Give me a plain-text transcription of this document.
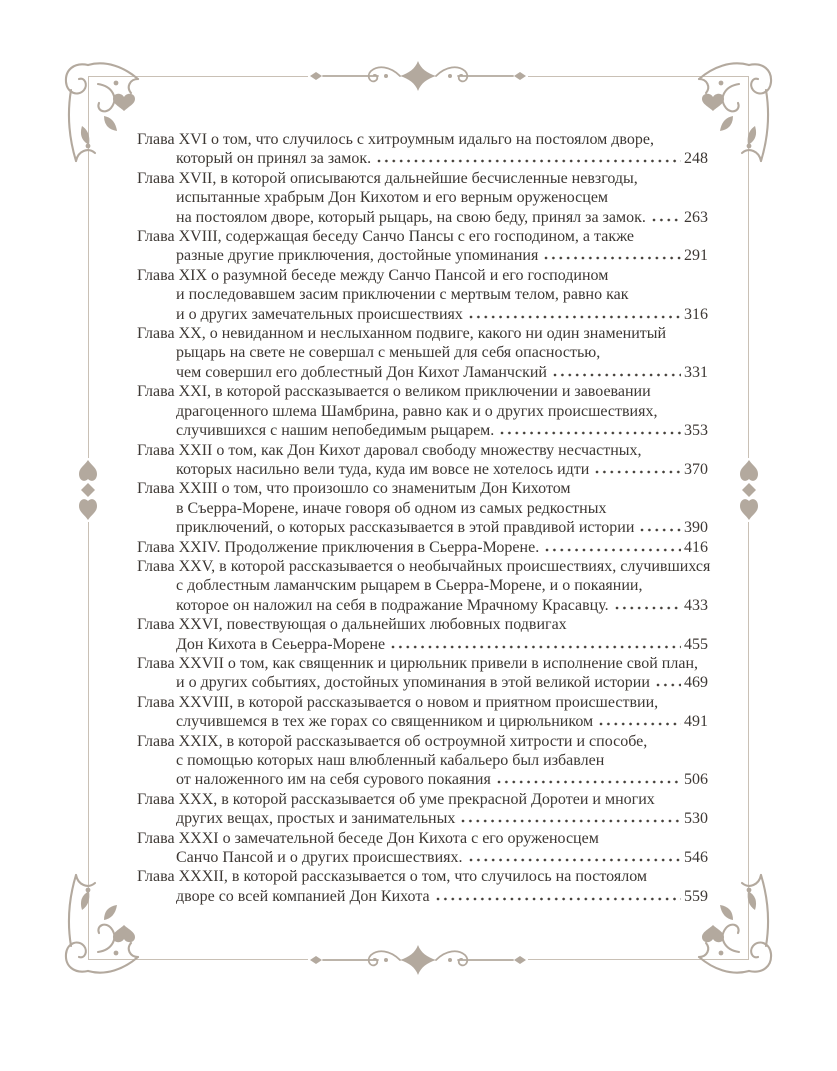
Глава XVI о том, что случилось с хитроумным идальго на постоялом дворе,
который он принял за замок.	248
Глава XVII, в которой описываются дальнейшие бесчисленные невзгоды,
испытанные храбрым Дон Кихотом и его верным оруженосцем
на постоялом дворе, который рыцарь, на свою беду, принял за замок. 263
Глава XVIII, содержащая беседу Санчо Пансы с его господином, а также
разные другие приключения, достойные упоминания	291
Глава XIX о разумной беседе между Санчо Пансой и его господином
и последовавшем засим приключении с мертвым телом, равно как
и о других замечательных происшествиях	316
Глава XX, о невиданном и неслыханном подвиге, какого ни один знаменитый
рыцарь на свете не совершал с меньшей для себя опасностью,
чем совершил его доблестный Дон Кихот Ламанчский	331
Глава XXI, в которой рассказывается о великом приключении и завоевании
драгоценного шлема Шамбрина, равно как и о других происшествиях,
случившихся с нашим непобедимым рыцарем.	353
Глава XXII о том, как Дон Кихот даровал свободу множеству несчастных,
которых насильно вели туда, куда им вовсе не хотелось идти	370
Глава XXIII о том, что произошло со знаменитым Дон Кихотом
в Съерра-Морене, иначе говоря об одном из самых редкостных
приключений, о которых рассказывается в этой правдивой истории	390
Глава XXIV. Продолжение приключения в Сьерра-Морене.	416
Глава XXV, в которой рассказывается о необычайных происшествиях, случившихся
с доблестным ламанчским рыцарем в Сьерра-Морене, и о покаянии,
которое он наложил на себя в подражание Мрачному Красавцу.	433
Глава XXVI, повествующая о дальнейших любовных подвигах
Дон Кихота в Сеьерра-Морене	455
Глава XXVII о том, как священник и цирюльник привели в исполнение свой план,
и о других событиях, достойных упоминания в этой великой истории 469
Глава XXVIII, в которой рассказывается о новом и приятном происшествии,
случившемся в тех же горах со священником и цирюльником	491
Глава XXIX, в которой рассказывается об остроумной хитрости и способе,
с помощью которых наш влюбленный кабальеро был избавлен
от наложенного им на себя сурового покаяния	506
Глава XXX, в которой рассказывается об уме прекрасной Доротеи и многих
других вещах, простых и занимательных	530
Глава XXXI о замечательной беседе Дон Кихота с его оруженосцем
Санчо Пансой и о других происшествиях.	546
Глава XXXII, в которой рассказывается о том, что случилось на постоялом
дворе со всей компанией Дон Кихота	559
